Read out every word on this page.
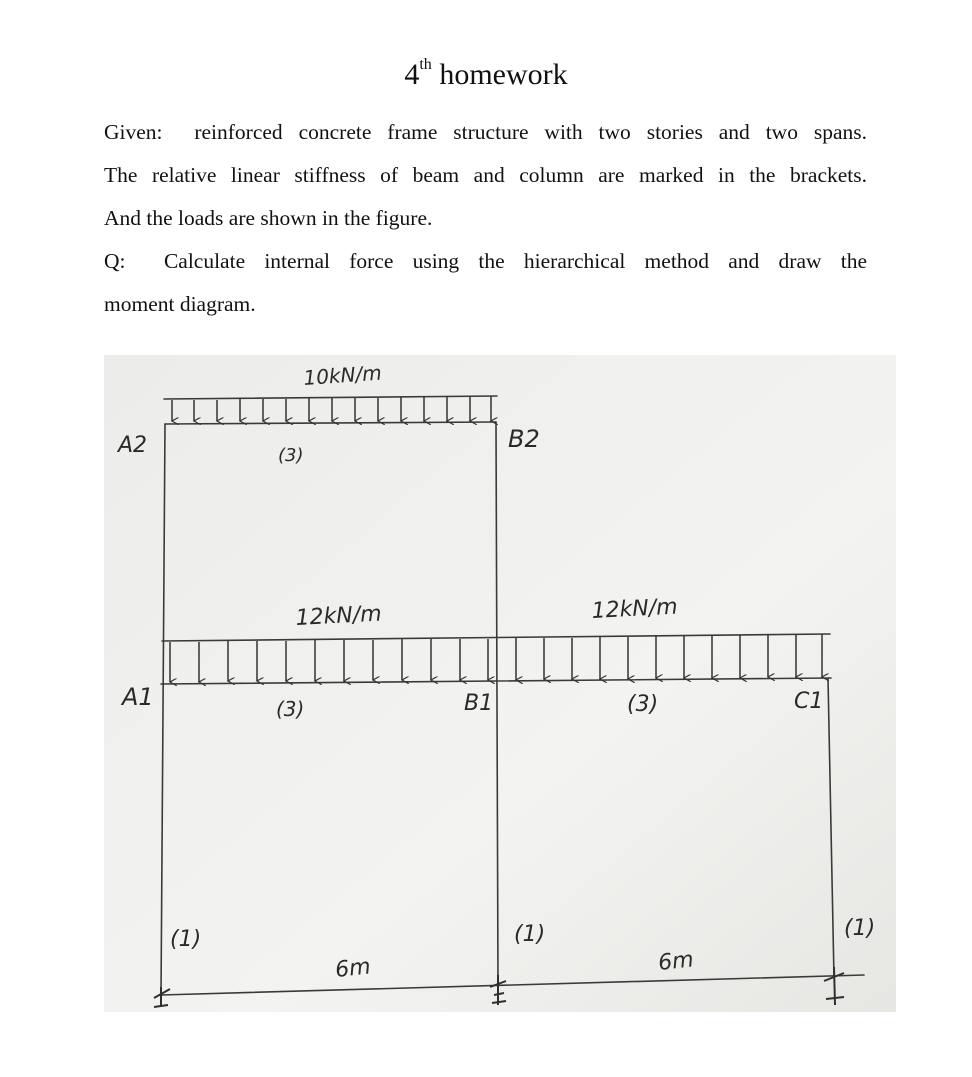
4th homework
Given: reinforced concrete frame structure with two stories and two spans.
The relative linear stiffness of beam and column are marked in the brackets.
And the loads are shown in the figure.
Q: Calculate internal force using the hierarchical method and draw the
moment diagram.
10kN/m
A2	B2
(3)
12kN/m	12kN/m
A1	(3)	B1	(3)	C1
(1)	(1)	(1)
6m	6m
